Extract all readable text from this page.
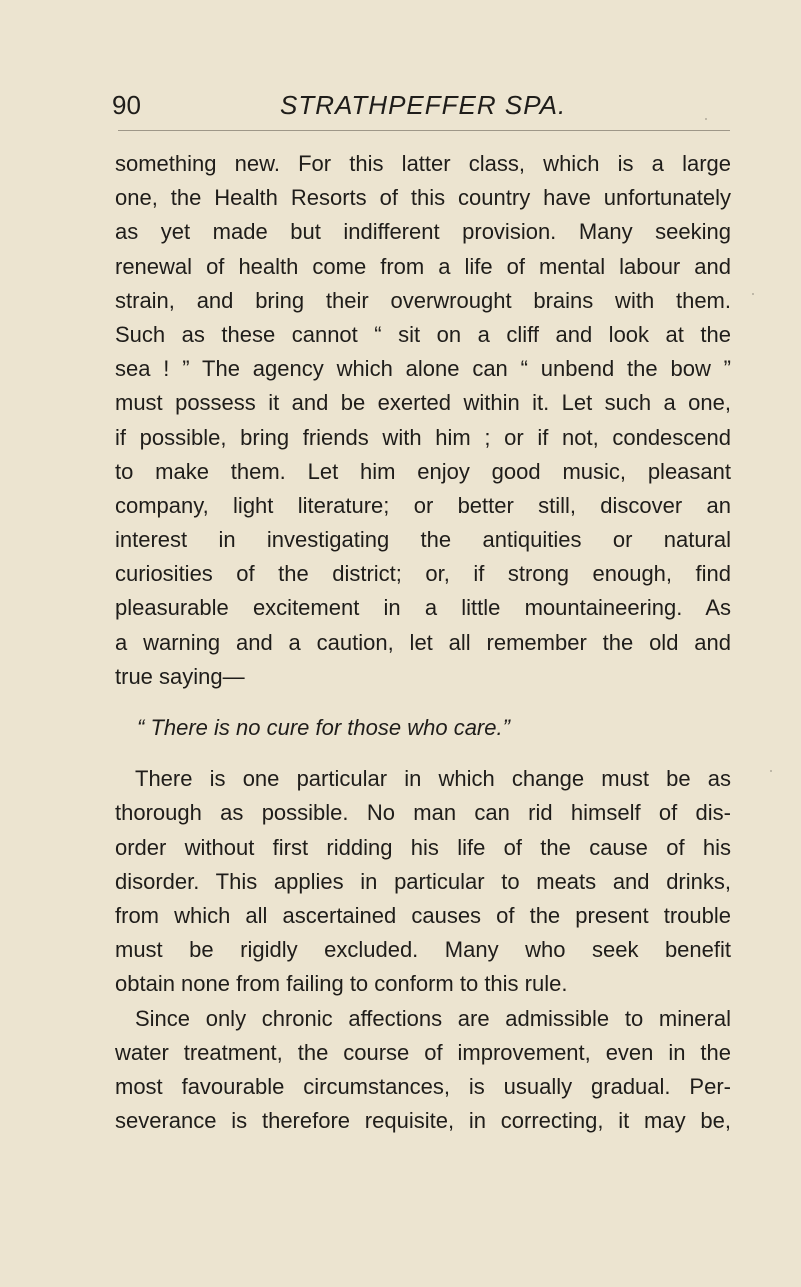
90	STRATHPEFFER SPA.
something new. For this latter class, which is a large
one, the Health Resorts of this country have unfortunately
as yet made but indifferent provision. Many seeking
renewal of health come from a life of mental labour and
strain, and bring their overwrought brains with them.
Such as these cannot “ sit on a cliff and look at the
sea ! ” The agency which alone can “ unbend the bow ”
must possess it and be exerted within it. Let such a one,
if possible, bring friends with him ; or if not, condescend
to make them. Let him enjoy good music, pleasant
company, light literature; or better still, discover an
interest in investigating the antiquities or natural
curiosities of the district; or, if strong enough, find
pleasurable excitement in a little mountaineering. As
a warning and a caution, let all remember the old and
true saying—
“ There is no cure for those who care.”
There is one particular in which change must be as
thorough as possible. No man can rid himself of dis-
order without first ridding his life of the cause of his
disorder. This applies in particular to meats and drinks,
from which all ascertained causes of the present trouble
must be rigidly excluded. Many who seek benefit
obtain none from failing to conform to this rule.
Since only chronic affections are admissible to mineral
water treatment, the course of improvement, even in the
most favourable circumstances, is usually gradual. Per-
severance is therefore requisite, in correcting, it may be,
